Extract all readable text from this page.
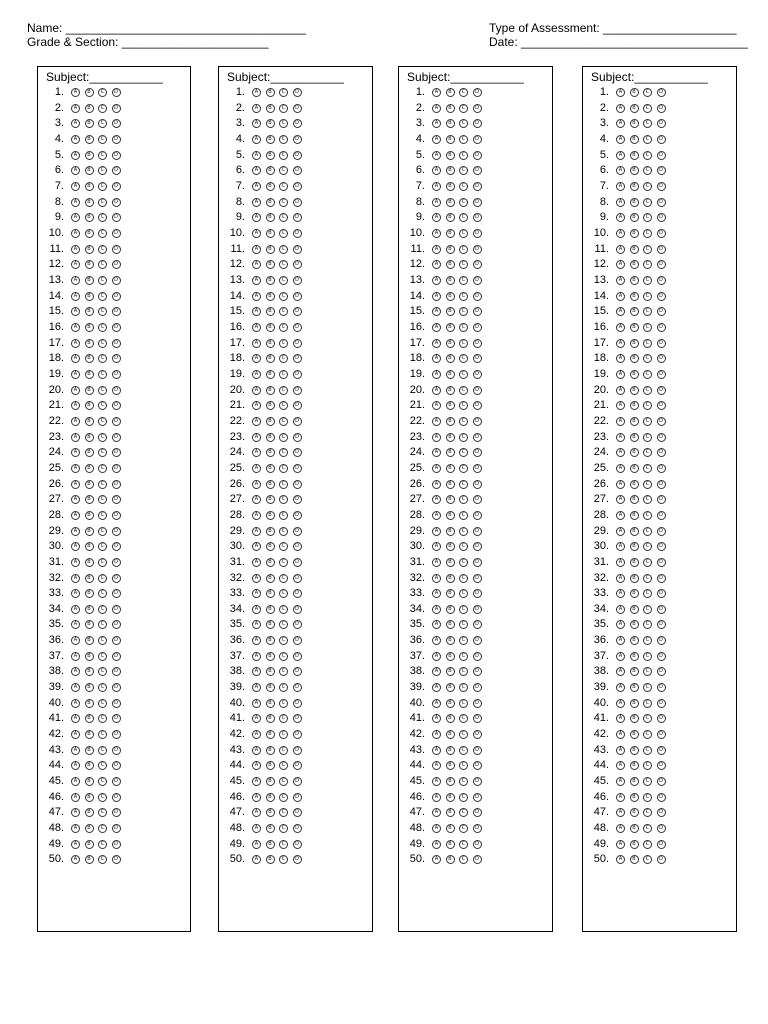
Name: ____________________________________
Grade & Section: ______________________
Type of Assessment: ____________________
Date: __________________________________
Subject:___________
1.	A	B	C	D
2.	A	B	C	D
3.	A	B	C	D
4.	A	B	C	D
5.	A	B	C	D
6.	A	B	C	D
7.	A	B	C	D
8.	A	B	C	D
9.	A	B	C	D
10.	A	B	C	D
11.	A	B	C	D
12.	A	B	C	D
13.	A	B	C	D
14.	A	B	C	D
15.	A	B	C	D
16.	A	B	C	D
17.	A	B	C	D
18.	A	B	C	D
19.	A	B	C	D
20.	A	B	C	D
21.	A	B	C	D
22.	A	B	C	D
23.	A	B	C	D
24.	A	B	C	D
25.	A	B	C	D
26.	A	B	C	D
27.	A	B	C	D
28.	A	B	C	D
29.	A	B	C	D
30.	A	B	C	D
31.	A	B	C	D
32.	A	B	C	D
33.	A	B	C	D
34.	A	B	C	D
35.	A	B	C	D
36.	A	B	C	D
37.	A	B	C	D
38.	A	B	C	D
39.	A	B	C	D
40.	A	B	C	D
41.	A	B	C	D
42.	A	B	C	D
43.	A	B	C	D
44.	A	B	C	D
45.	A	B	C	D
46.	A	B	C	D
47.	A	B	C	D
48.	A	B	C	D
49.	A	B	C	D
50.	A	B	C	D
Subject:___________
1.	A	B	C	D
2.	A	B	C	D
3.	A	B	C	D
4.	A	B	C	D
5.	A	B	C	D
6.	A	B	C	D
7.	A	B	C	D
8.	A	B	C	D
9.	A	B	C	D
10.	A	B	C	D
11.	A	B	C	D
12.	A	B	C	D
13.	A	B	C	D
14.	A	B	C	D
15.	A	B	C	D
16.	A	B	C	D
17.	A	B	C	D
18.	A	B	C	D
19.	A	B	C	D
20.	A	B	C	D
21.	A	B	C	D
22.	A	B	C	D
23.	A	B	C	D
24.	A	B	C	D
25.	A	B	C	D
26.	A	B	C	D
27.	A	B	C	D
28.	A	B	C	D
29.	A	B	C	D
30.	A	B	C	D
31.	A	B	C	D
32.	A	B	C	D
33.	A	B	C	D
34.	A	B	C	D
35.	A	B	C	D
36.	A	B	C	D
37.	A	B	C	D
38.	A	B	C	D
39.	A	B	C	D
40.	A	B	C	D
41.	A	B	C	D
42.	A	B	C	D
43.	A	B	C	D
44.	A	B	C	D
45.	A	B	C	D
46.	A	B	C	D
47.	A	B	C	D
48.	A	B	C	D
49.	A	B	C	D
50.	A	B	C	D
Subject:___________
1.	A	B	C	D
2.	A	B	C	D
3.	A	B	C	D
4.	A	B	C	D
5.	A	B	C	D
6.	A	B	C	D
7.	A	B	C	D
8.	A	B	C	D
9.	A	B	C	D
10.	A	B	C	D
11.	A	B	C	D
12.	A	B	C	D
13.	A	B	C	D
14.	A	B	C	D
15.	A	B	C	D
16.	A	B	C	D
17.	A	B	C	D
18.	A	B	C	D
19.	A	B	C	D
20.	A	B	C	D
21.	A	B	C	D
22.	A	B	C	D
23.	A	B	C	D
24.	A	B	C	D
25.	A	B	C	D
26.	A	B	C	D
27.	A	B	C	D
28.	A	B	C	D
29.	A	B	C	D
30.	A	B	C	D
31.	A	B	C	D
32.	A	B	C	D
33.	A	B	C	D
34.	A	B	C	D
35.	A	B	C	D
36.	A	B	C	D
37.	A	B	C	D
38.	A	B	C	D
39.	A	B	C	D
40.	A	B	C	D
41.	A	B	C	D
42.	A	B	C	D
43.	A	B	C	D
44.	A	B	C	D
45.	A	B	C	D
46.	A	B	C	D
47.	A	B	C	D
48.	A	B	C	D
49.	A	B	C	D
50.	A	B	C	D
Subject:___________
1.	A	B	C	D
2.	A	B	C	D
3.	A	B	C	D
4.	A	B	C	D
5.	A	B	C	D
6.	A	B	C	D
7.	A	B	C	D
8.	A	B	C	D
9.	A	B	C	D
10.	A	B	C	D
11.	A	B	C	D
12.	A	B	C	D
13.	A	B	C	D
14.	A	B	C	D
15.	A	B	C	D
16.	A	B	C	D
17.	A	B	C	D
18.	A	B	C	D
19.	A	B	C	D
20.	A	B	C	D
21.	A	B	C	D
22.	A	B	C	D
23.	A	B	C	D
24.	A	B	C	D
25.	A	B	C	D
26.	A	B	C	D
27.	A	B	C	D
28.	A	B	C	D
29.	A	B	C	D
30.	A	B	C	D
31.	A	B	C	D
32.	A	B	C	D
33.	A	B	C	D
34.	A	B	C	D
35.	A	B	C	D
36.	A	B	C	D
37.	A	B	C	D
38.	A	B	C	D
39.	A	B	C	D
40.	A	B	C	D
41.	A	B	C	D
42.	A	B	C	D
43.	A	B	C	D
44.	A	B	C	D
45.	A	B	C	D
46.	A	B	C	D
47.	A	B	C	D
48.	A	B	C	D
49.	A	B	C	D
50.	A	B	C	D
